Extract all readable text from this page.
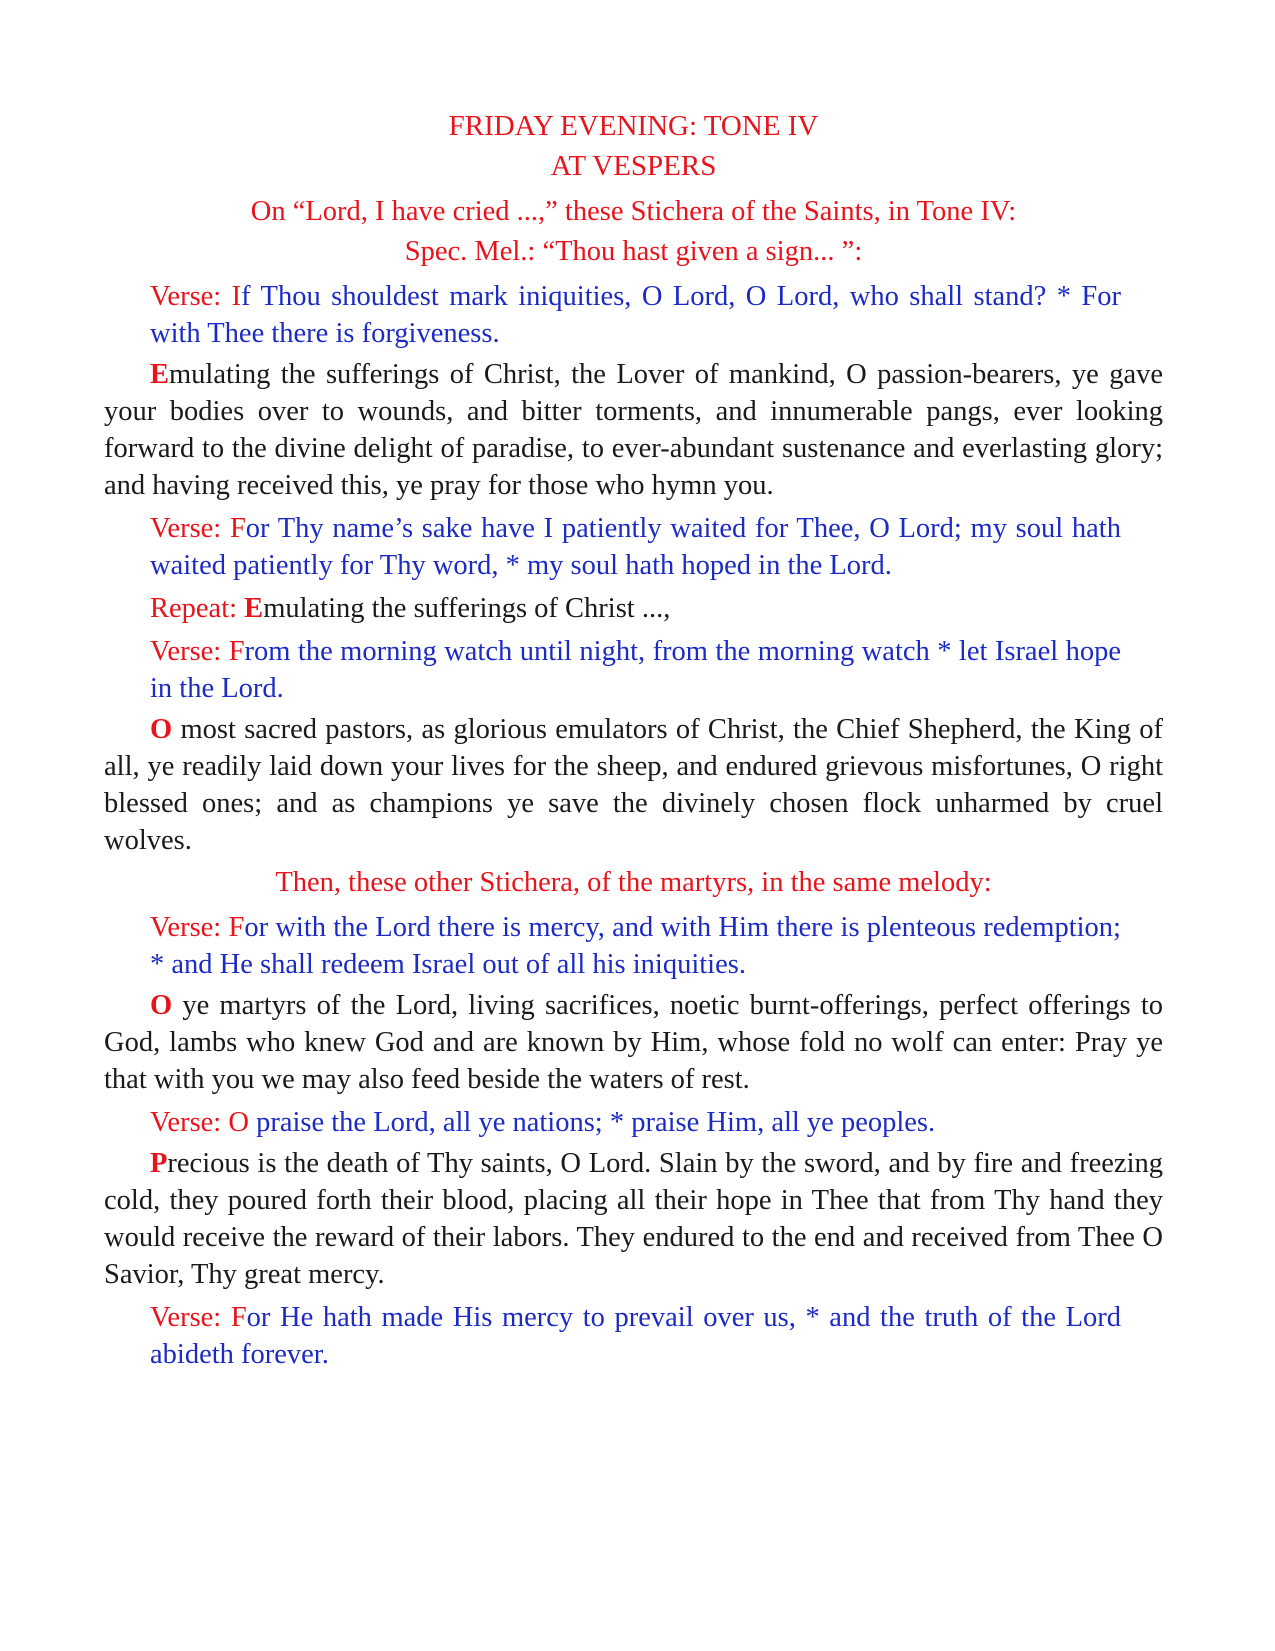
FRIDAY EVENING: TONE IV

AT VESPERS

On “Lord, I have cried ...,” these Stichera of the Saints, in Tone IV:

Spec. Mel.: “Thou hast given a sign... ”:

Verse: If Thou shouldest mark iniquities, O Lord, O Lord, who shall stand? * For with Thee there is forgiveness.

Emulating the sufferings of Christ, the Lover of mankind, O passion-bearers, ye gave your bodies over to wounds, and bitter torments, and innumerable pangs, ever looking forward to the divine delight of paradise, to ever-abundant sustenance and everlasting glory; and having received this, ye pray for those who hymn you.

Verse: For Thy name’s sake have I patiently waited for Thee, O Lord; my soul hath waited patiently for Thy word, * my soul hath hoped in the Lord.

Repeat: Emulating the sufferings of Christ ...,

Verse: From the morning watch until night, from the morning watch * let Israel hope in the Lord.

O most sacred pastors, as glorious emulators of Christ, the Chief Shepherd, the King of all, ye readily laid down your lives for the sheep, and endured grievous misfortunes, O right blessed ones; and as champions ye save the divinely chosen flock unharmed by cruel wolves.

Then, these other Stichera, of the martyrs, in the same melody:

Verse: For with the Lord there is mercy, and with Him there is plenteous redemption; * and He shall redeem Israel out of all his iniquities.

O ye martyrs of the Lord, living sacrifices, noetic burnt-offerings, perfect offerings to God, lambs who knew God and are known by Him, whose fold no wolf can enter: Pray ye that with you we may also feed beside the waters of rest.

Verse: O praise the Lord, all ye nations; * praise Him, all ye peoples.

Precious is the death of Thy saints, O Lord. Slain by the sword, and by fire and freezing cold, they poured forth their blood, placing all their hope in Thee that from Thy hand they would receive the reward of their labors. They endured to the end and received from Thee O Savior, Thy great mercy.

Verse: For He hath made His mercy to prevail over us, * and the truth of the Lord abideth forever.
